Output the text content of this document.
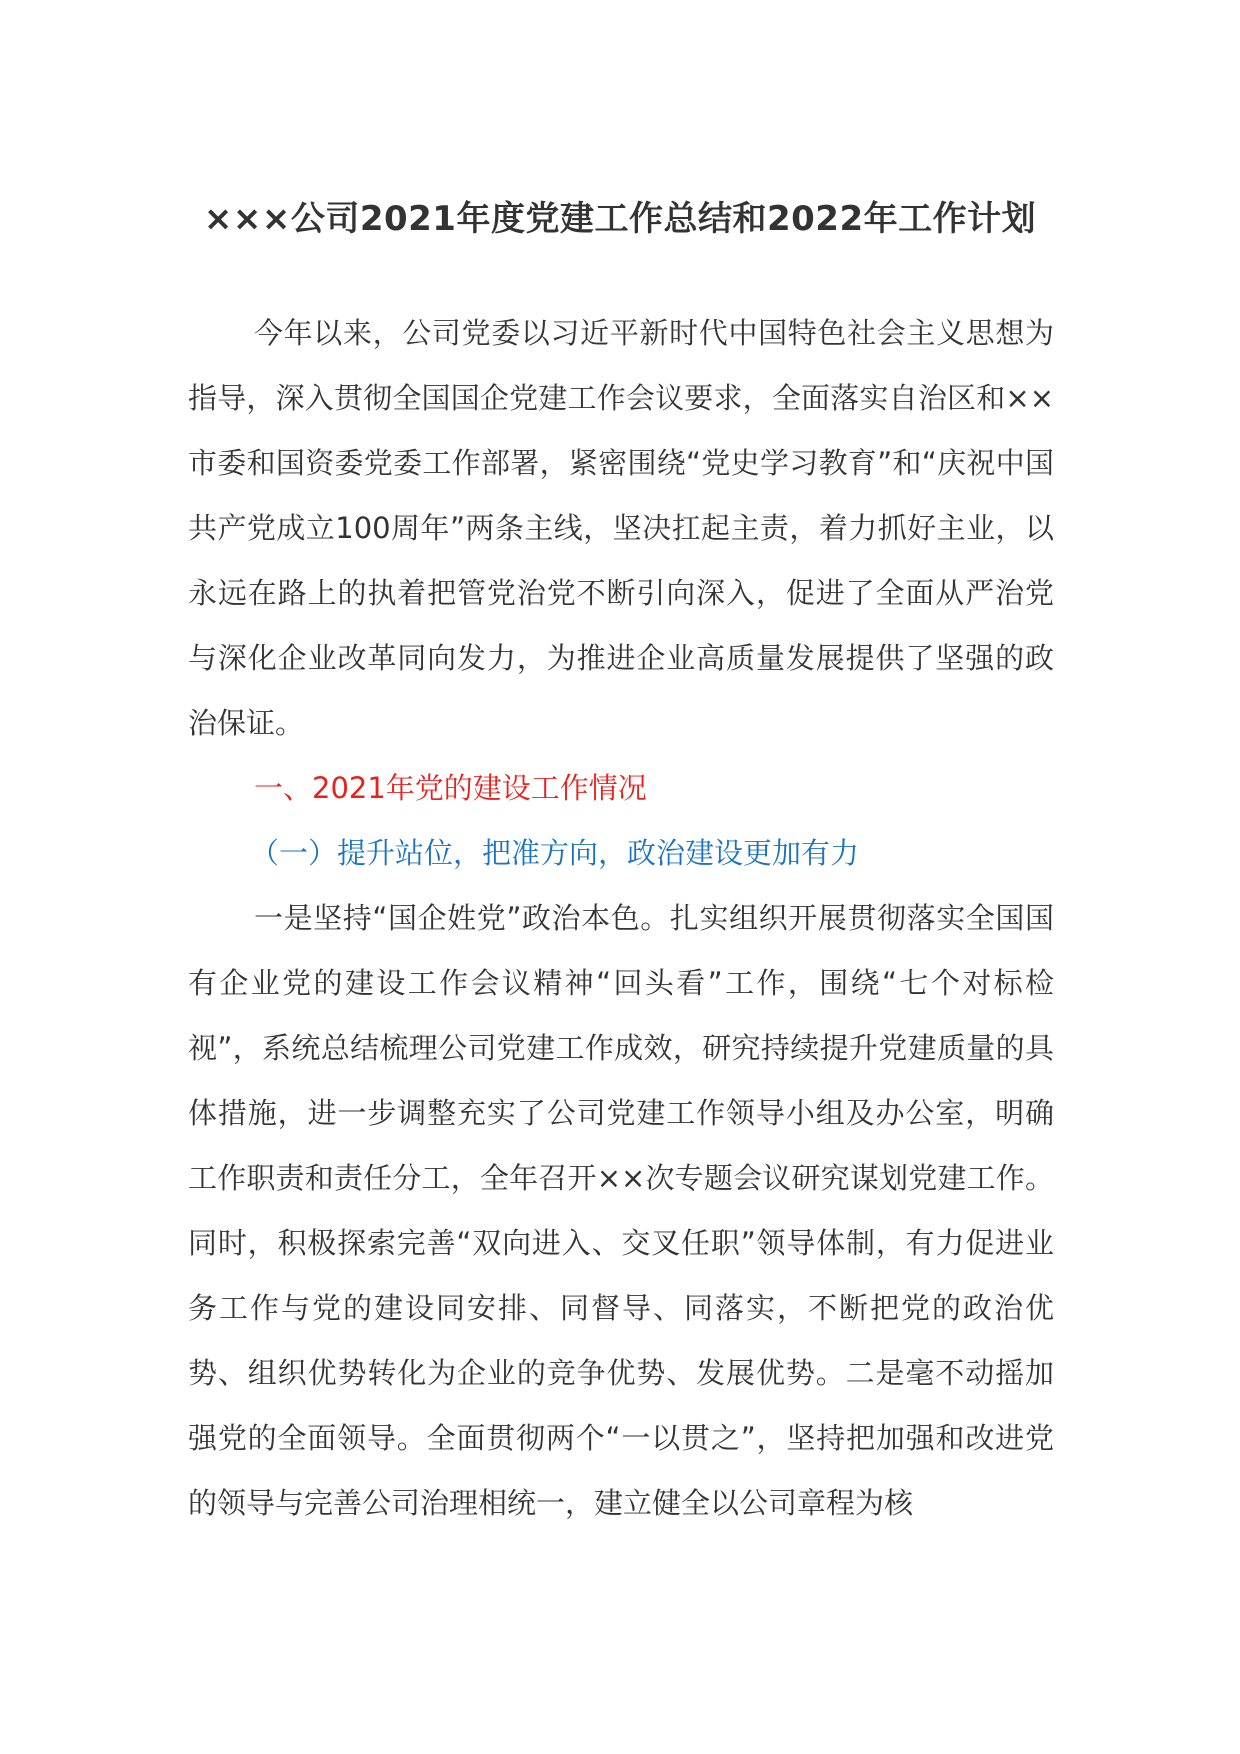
×××公司2021年度党建工作总结和2022年工作计划

今年以来，公司党委以习近平新时代中国特色社会主义思想为指导，深入贯彻全国国企党建工作会议要求，全面落实自治区和××市委和国资委党委工作部署，紧密围绕“党史学习教育”和“庆祝中国共产党成立100周年”两条主线，坚决扛起主责，着力抓好主业，以永远在路上的执着把管党治党不断引向深入，促进了全面从严治党与深化企业改革同向发力，为推进企业高质量发展提供了坚强的政治保证。

一、2021年党的建设工作情况

（一）提升站位，把准方向，政治建设更加有力

一是坚持“国企姓党”政治本色。扎实组织开展贯彻落实全国国有企业党的建设工作会议精神“回头看”工作，围绕“七个对标检视”，系统总结梳理公司党建工作成效，研究持续提升党建质量的具体措施，进一步调整充实了公司党建工作领导小组及办公室，明确工作职责和责任分工，全年召开××次专题会议研究谋划党建工作。同时，积极探索完善“双向进入、交叉任职”领导体制，有力促进业务工作与党的建设同安排、同督导、同落实，不断把党的政治优势、组织优势转化为企业的竞争优势、发展优势。二是毫不动摇加强党的全面领导。全面贯彻两个“一以贯之”，坚持把加强和改进党的领导与完善公司治理相统一，建立健全以公司章程为核
